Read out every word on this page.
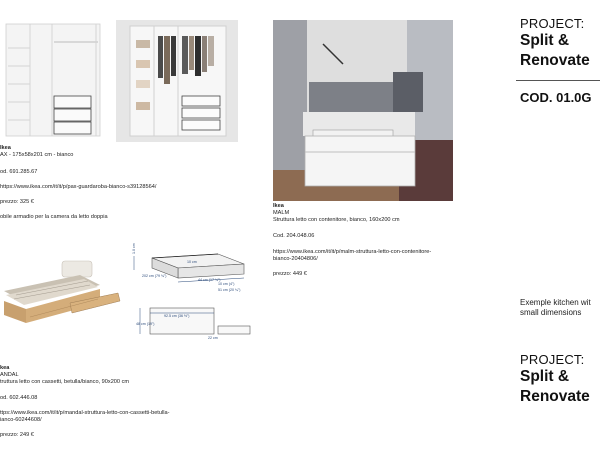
Ikea
AX - 175x58x201 cm - bianco
od. 691.285.67
https://www.ikea.com/it/it/p/pax-guardaroba-bianco-s39128564/
prezzo: 325 €
obile armadio per la camera da letto doppia
Ikea
MALM
Struttura letto con contenitore, bianco, 160x200 cm
Cod. 204.048.06
https://www.ikea.com/it/it/p/malm-struttura-letto-con-contenitore-
bianco-20404806/
prezzo: 449 €
1.0 cm
10 cm
202 cm (79 ¾")
44 cm (17 ¼")
10 cm (4")
51 cm (20 ¼")
92.5 cm (36 ½")
48 cm (19")
22 cm
kea
ANDAL
truttura letto con cassetti, betulla/bianco, 90x200 cm
od. 602.446.08
ttps://www.ikea.com/it/it/p/mandal-struttura-letto-con-cassetti-betulla-
ianco-60244608/
prezzo: 249 €
PROJECT:
Split &
Renovate
COD. 01.0G
Exemple kitchen wit
small dimensions
PROJECT:
Split &
Renovate
